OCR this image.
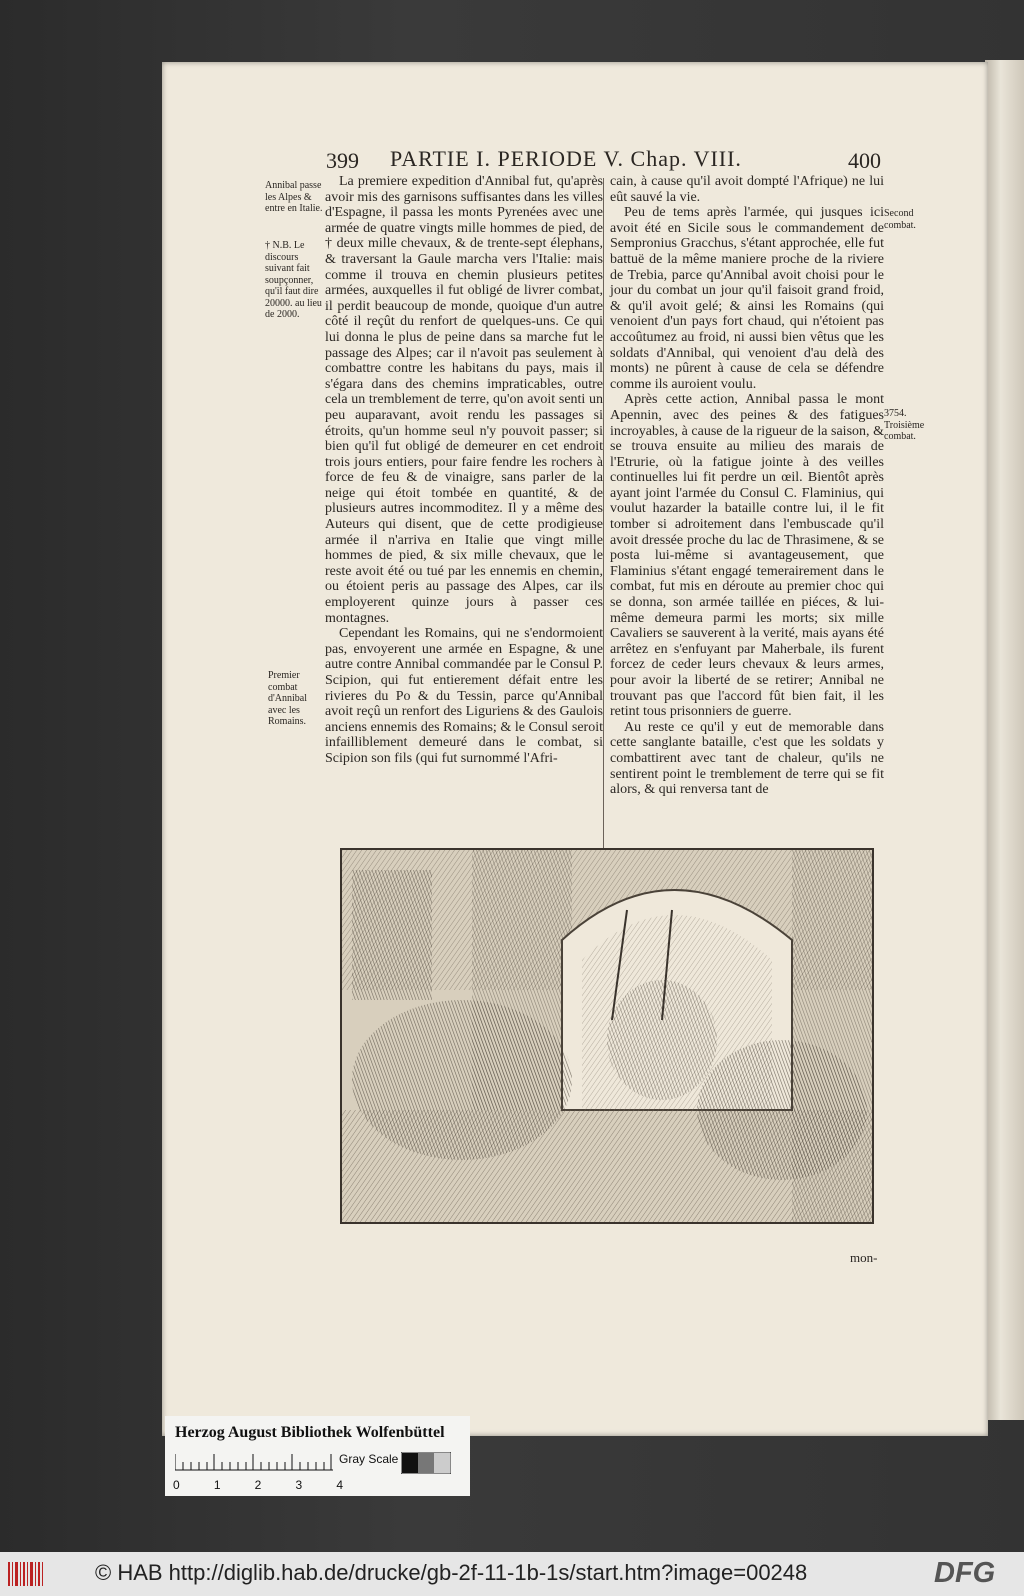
399 PARTIE I. PERIODE V. Chap. VIII.	400
Annibal passe les Alpes & entre en Italie.
† N.B. Le discours suivant fait soupçonner, qu'il faut dire 20000. au lieu de 2000.
Premier combat d'Annibal avec les Romains.
Second combat.
3754. Troisième combat.

La premiere expedition d'Annibal fut, qu'après avoir mis des garnisons suffisantes dans les villes d'Espagne, il passa les monts Pyrenées avec une armée de quatre vingts mille hommes de pied, de † deux mille chevaux, & de trente-sept élephans, & traversant la Gaule marcha vers l'Italie: mais comme il trouva en chemin plusieurs petites armées, auxquelles il fut obligé de livrer combat, il perdit beaucoup de monde, quoique d'un autre côté il reçût du renfort de quelques-uns. Ce qui lui donna le plus de peine dans sa marche fut le passage des Alpes; car il n'avoit pas seulement à combattre contre les habitans du pays, mais il s'égara dans des chemins impraticables, outre cela un tremblement de terre, qu'on avoit senti un peu auparavant, avoit rendu les passages si étroits, qu'un homme seul n'y pouvoit passer; si bien qu'il fut obligé de demeurer en cet endroit trois jours entiers, pour faire fendre les rochers à force de feu & de vinaigre, sans parler de la neige qui étoit tombée en quantité, & de plusieurs autres incommoditez. Il y a même des Auteurs qui disent, que de cette prodigieuse armée il n'arriva en Italie que vingt mille hommes de pied, & six mille chevaux, que le reste avoit été ou tué par les ennemis en chemin, ou étoient peris au passage des Alpes, car ils employerent quinze jours à passer ces montagnes.

Cependant les Romains, qui ne s'endormoient pas, envoyerent une armée en Espagne, & une autre contre Annibal commandée par le Consul P. Scipion, qui fut entierement défait entre les rivieres du Po & du Tessin, parce qu'Annibal avoit reçû un renfort des Liguriens & des Gaulois anciens ennemis des Romains; & le Consul seroit infailliblement demeuré dans le combat, si Scipion son fils (qui fut surnommé l'Afri-

cain, à cause qu'il avoit dompté l'Afrique) ne lui eût sauvé la vie.

Peu de tems après l'armée, qui jusques ici avoit été en Sicile sous le commandement de Sempronius Gracchus, s'étant approchée, elle fut battuë de la même maniere proche de la riviere de Trebia, parce qu'Annibal avoit choisi pour le jour du combat un jour qu'il faisoit grand froid, & qu'il avoit gelé; & ainsi les Romains (qui venoient d'un pays fort chaud, qui n'étoient pas accoûtumez au froid, ni aussi bien vêtus que les soldats d'Annibal, qui venoient d'au delà des monts) ne pûrent à cause de cela se défendre comme ils auroient voulu.

Après cette action, Annibal passa le mont Apennin, avec des peines & des fatigues incroyables, à cause de la rigueur de la saison, & se trouva ensuite au milieu des marais de l'Etrurie, où la fatigue jointe à des veilles continuelles lui fit perdre un œil. Bientôt après ayant joint l'armée du Consul C. Flaminius, qui voulut hazarder la bataille contre lui, il le fit tomber si adroitement dans l'embuscade qu'il avoit dressée proche du lac de Thrasimene, & se posta lui-même si avantageusement, que Flaminius s'étant engagé temerairement dans le combat, fut mis en déroute au premier choc qui se donna, son armée taillée en piéces, & lui-même demeura parmi les morts; six mille Cavaliers se sauverent à la verité, mais ayans été arrêtez en s'enfuyant par Maherbale, ils furent forcez de ceder leurs chevaux & leurs armes, pour avoir la liberté de se retirer; Annibal ne trouvant pas que l'accord fût bien fait, il les retint tous prisonniers de guerre.

Au reste ce qu'il y eut de memorable dans cette sanglante bataille, c'est que les soldats y combattirent avec tant de chaleur, qu'ils ne sentirent point le tremblement de terre qui se fit alors, & qui renversa tant de

mon-
Herzog August Bibliothek Wolfenbüttel
Gray Scale
0	1	2	3	4
© HAB http://diglib.hab.de/drucke/gb-2f-11-1b-1s/start.htm?image=00248	DFG
